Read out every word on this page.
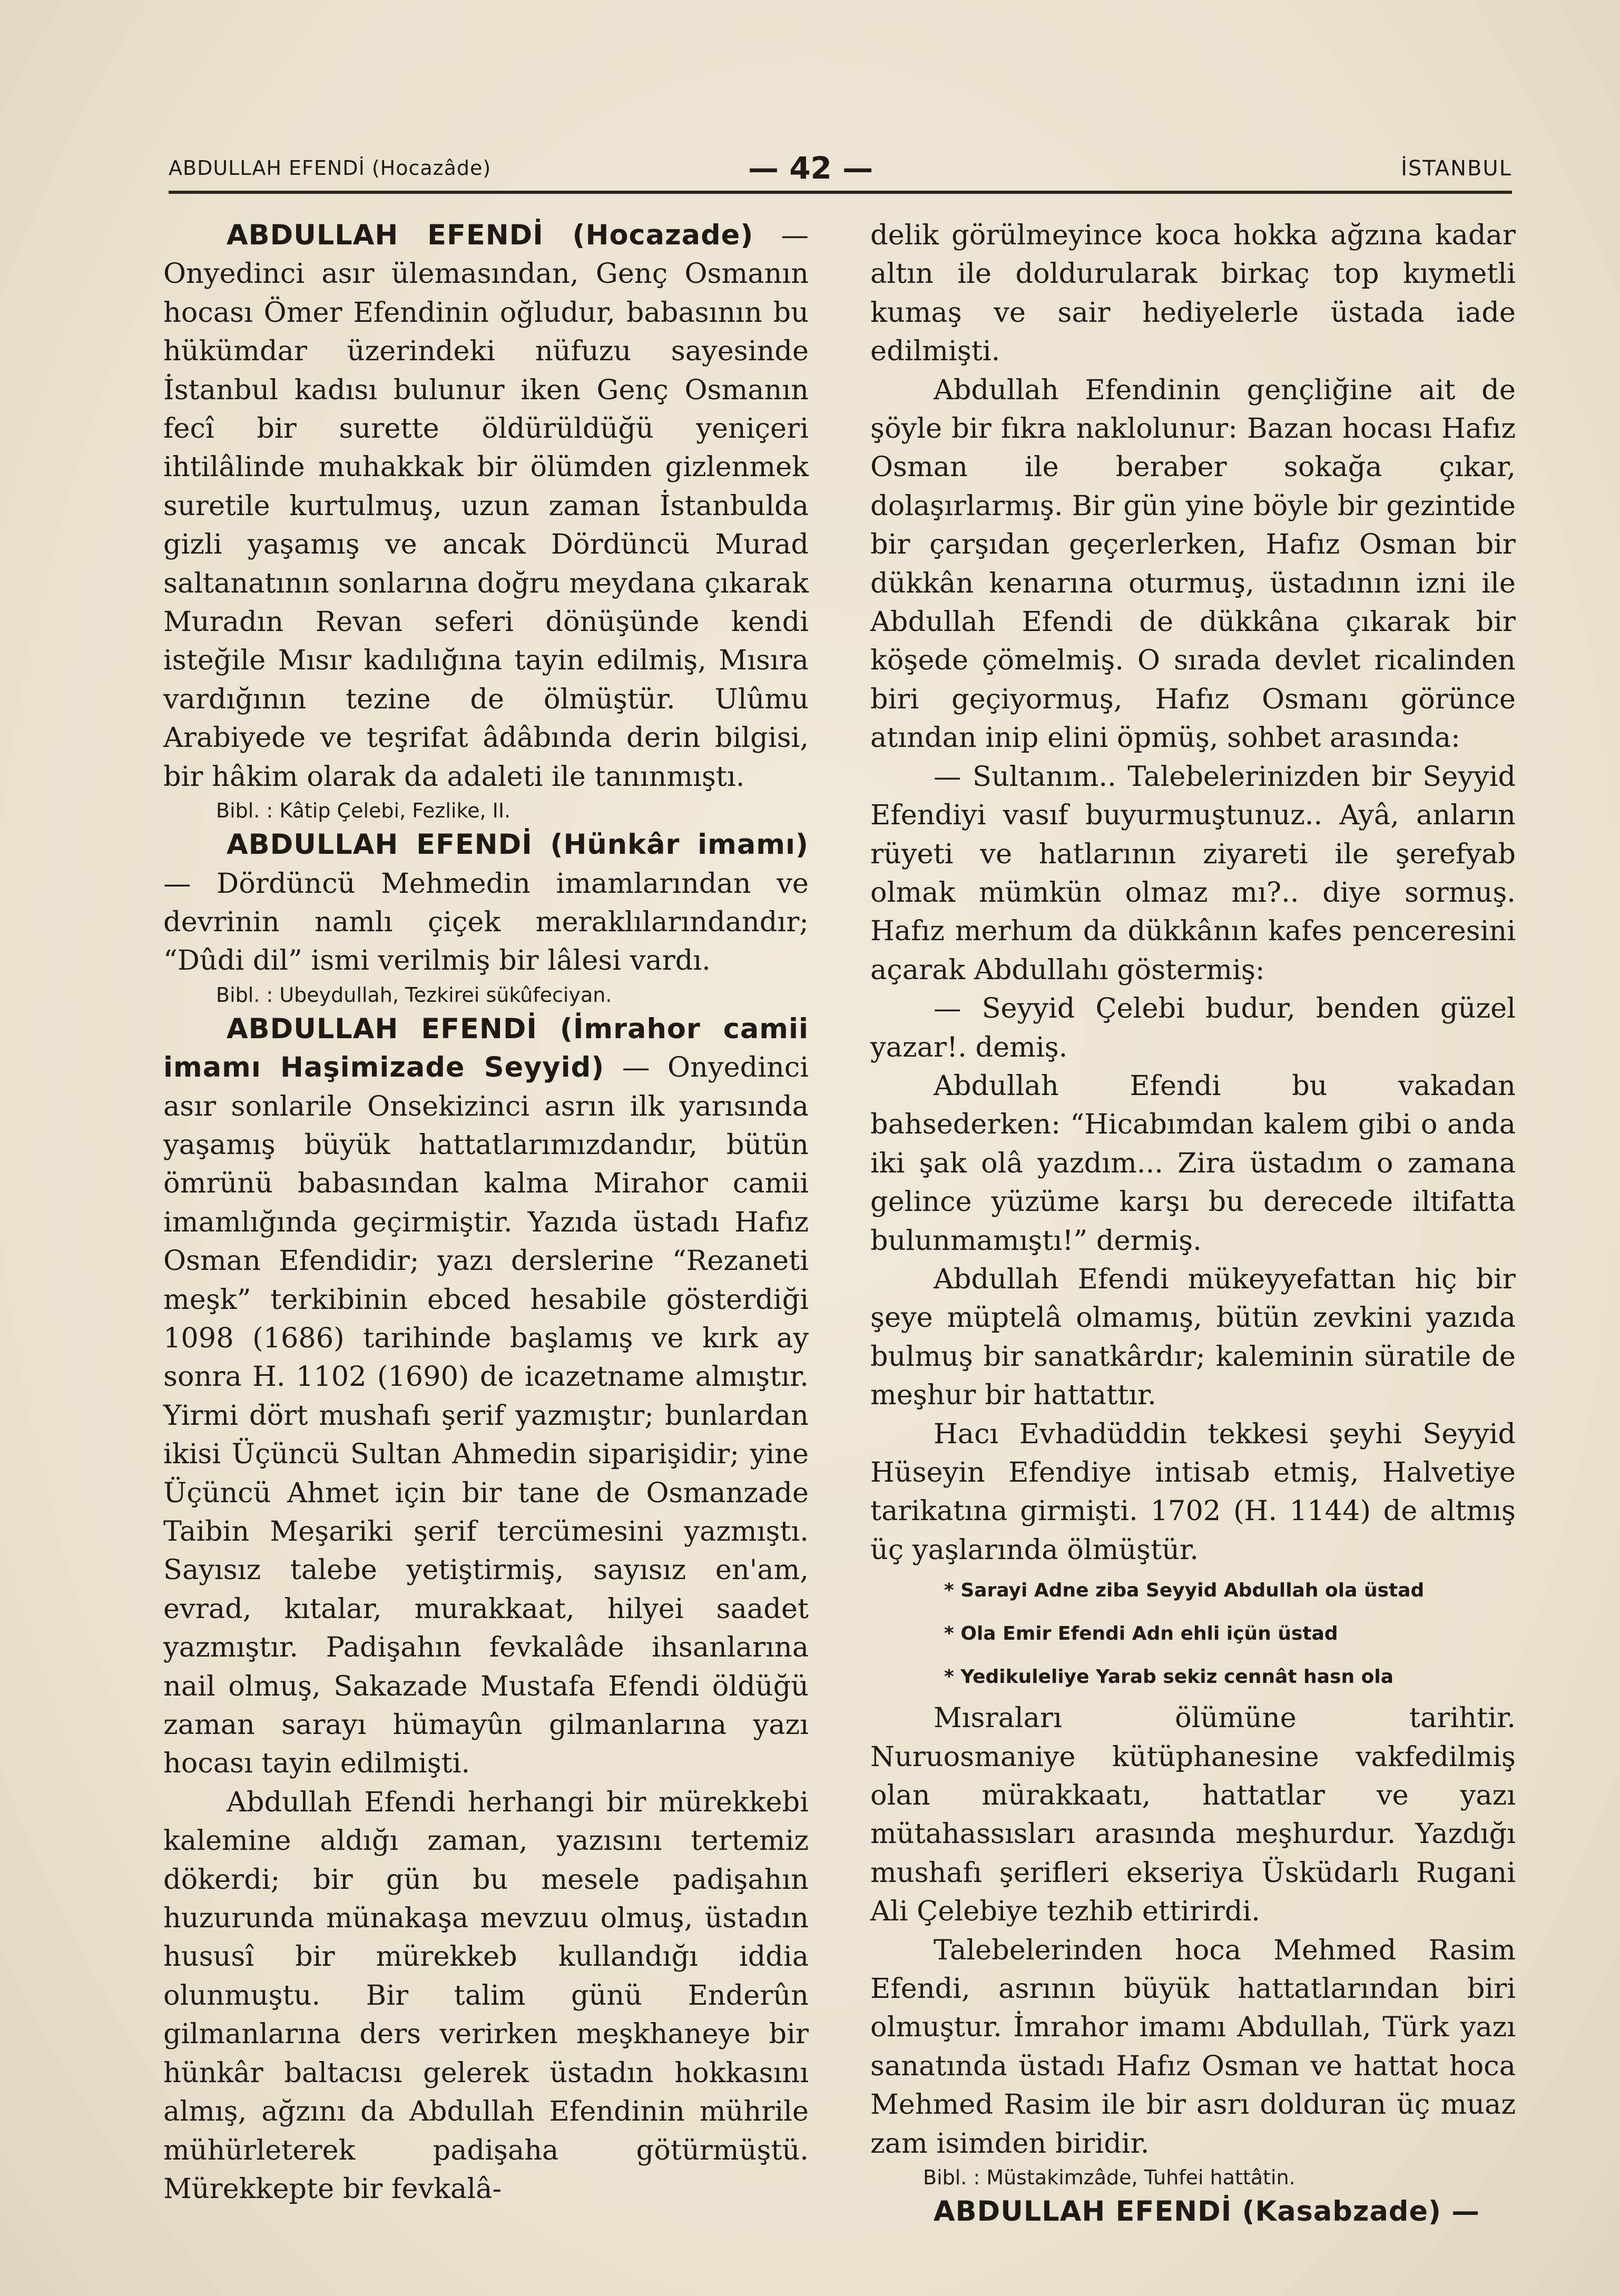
ABDULLAH EFENDİ (Hocazâde)	— 42 —	İSTANBUL

ABDULLAH EFENDİ (Hocazade) — Onyedinci asır ülemasından, Genç Osmanın hocası Ömer Efendinin oğludur, babasının bu hükümdar üzerindeki nüfuzu sayesinde İstanbul kadısı bulunur iken Genç Osmanın fecî bir surette öldürüldüğü yeniçeri ihtilâlinde muhakkak bir ölümden gizlenmek suretile kurtulmuş, uzun zaman İstanbulda gizli yaşamış ve ancak Dördüncü Murad saltanatının sonlarına doğru meydana çıkarak Muradın Revan seferi dönüşünde kendi isteğile Mısır kadılığına tayin edilmiş, Mısıra vardığının tezine de ölmüştür. Ulûmu Arabiyede ve teşrifat âdâbında derin bilgisi, bir hâkim olarak da adaleti ile tanınmıştı.

Bibl. : Kâtip Çelebi, Fezlike, II.

ABDULLAH EFENDİ (Hünkâr imamı) — Dördüncü Mehmedin imamlarından ve devrinin namlı çiçek meraklılarındandır; “Dûdi dil” ismi verilmiş bir lâlesi vardı.

Bibl. : Ubeydullah, Tezkirei sükûfeciyan.

ABDULLAH EFENDİ (İmrahor camii imamı Haşimizade Seyyid) — Onyedinci asır sonlarile Onsekizinci asrın ilk yarısında yaşamış büyük hattatlarımızdandır, bütün ömrünü babasından kalma Mirahor camii imamlığında geçirmiştir. Yazıda üstadı Hafız Osman Efendidir; yazı derslerine “Rezaneti meşk” terkibinin ebced hesabile gösterdiği 1098 (1686) tarihinde başlamış ve kırk ay sonra H. 1102 (1690) de icazetname almıştır. Yirmi dört mushafı şerif yazmıştır; bunlardan ikisi Üçüncü Sultan Ahmedin siparişidir; yine Üçüncü Ahmet için bir tane de Osmanzade Taibin Meşariki şerif tercümesini yazmıştı. Sayısız talebe yetiştirmiş, sayısız en'am, evrad, kıtalar, murakkaat, hilyei saadet yazmıştır. Padişahın fevkalâde ihsanlarına nail olmuş, Sakazade Mustafa Efendi öldüğü zaman sarayı hümayûn gilmanlarına yazı hocası tayin edilmişti.

Abdullah Efendi herhangi bir mürekkebi kalemine aldığı zaman, yazısını tertemiz dökerdi; bir gün bu mesele padişahın huzurunda münakaşa mevzuu olmuş, üstadın hususî bir mürekkeb kullandığı iddia olunmuştu. Bir talim günü Enderûn gilmanlarına ders verirken meşkhaneye bir hünkâr baltacısı gelerek üstadın hokkasını almış, ağzını da Abdullah Efendinin mührile mühürleterek padişaha götürmüştü. Mürekkepte bir fevkalâ-

delik görülmeyince koca hokka ağzına kadar altın ile doldurularak birkaç top kıymetli kumaş ve sair hediyelerle üstada iade edilmişti.

Abdullah Efendinin gençliğine ait de şöyle bir fıkra naklolunur: Bazan hocası Hafız Osman ile beraber sokağa çıkar, dolaşırlarmış. Bir gün yine böyle bir gezintide bir çarşıdan geçerlerken, Hafız Osman bir dükkân kenarına oturmuş, üstadının izni ile Abdullah Efendi de dükkâna çıkarak bir köşede çömelmiş. O sırada devlet ricalinden biri geçiyormuş, Hafız Osmanı görünce atından inip elini öpmüş, sohbet arasında:

— Sultanım.. Talebelerinizden bir Seyyid Efendiyi vasıf buyurmuştunuz.. Ayâ, anların rüyeti ve hatlarının ziyareti ile şerefyab olmak mümkün olmaz mı?.. diye sormuş. Hafız merhum da dükkânın kafes penceresini açarak Abdullahı göstermiş:

— Seyyid Çelebi budur, benden güzel yazar!. demiş.

Abdullah Efendi bu vakadan bahsederken: “Hicabımdan kalem gibi o anda iki şak olâ yazdım... Zira üstadım o zamana gelince yüzüme karşı bu derecede iltifatta bulunmamıştı!” dermiş.

Abdullah Efendi mükeyyefattan hiç bir şeye müptelâ olmamış, bütün zevkini yazıda bulmuş bir sanatkârdır; kaleminin süratile de meşhur bir hattattır.

Hacı Evhadüddin tekkesi şeyhi Seyyid Hüseyin Efendiye intisab etmiş, Halvetiye tarikatına girmişti. 1702 (H. 1144) de altmış üç yaşlarında ölmüştür.

* Sarayi Adne ziba Seyyid Abdullah ola üstad
* Ola Emir Efendi Adn ehli içün üstad
* Yedikuleliye Yarab sekiz cennât hasn ola

Mısraları ölümüne tarihtir. Nuruosmaniye kütüphanesine vakfedilmiş olan mürakkaatı, hattatlar ve yazı mütahassısları arasında meşhurdur. Yazdığı mushafı şerifleri ekseriya Üsküdarlı Rugani Ali Çelebiye tezhib ettirirdi.

Talebelerinden hoca Mehmed Rasim Efendi, asrının büyük hattatlarından biri olmuştur. İmrahor imamı Abdullah, Türk yazı sanatında üstadı Hafız Osman ve hattat hoca Mehmed Rasim ile bir asrı dolduran üç muaz zam isimden biridir.

Bibl. : Müstakimzâde, Tuhfei hattâtin.

ABDULLAH EFENDİ (Kasabzade) —
